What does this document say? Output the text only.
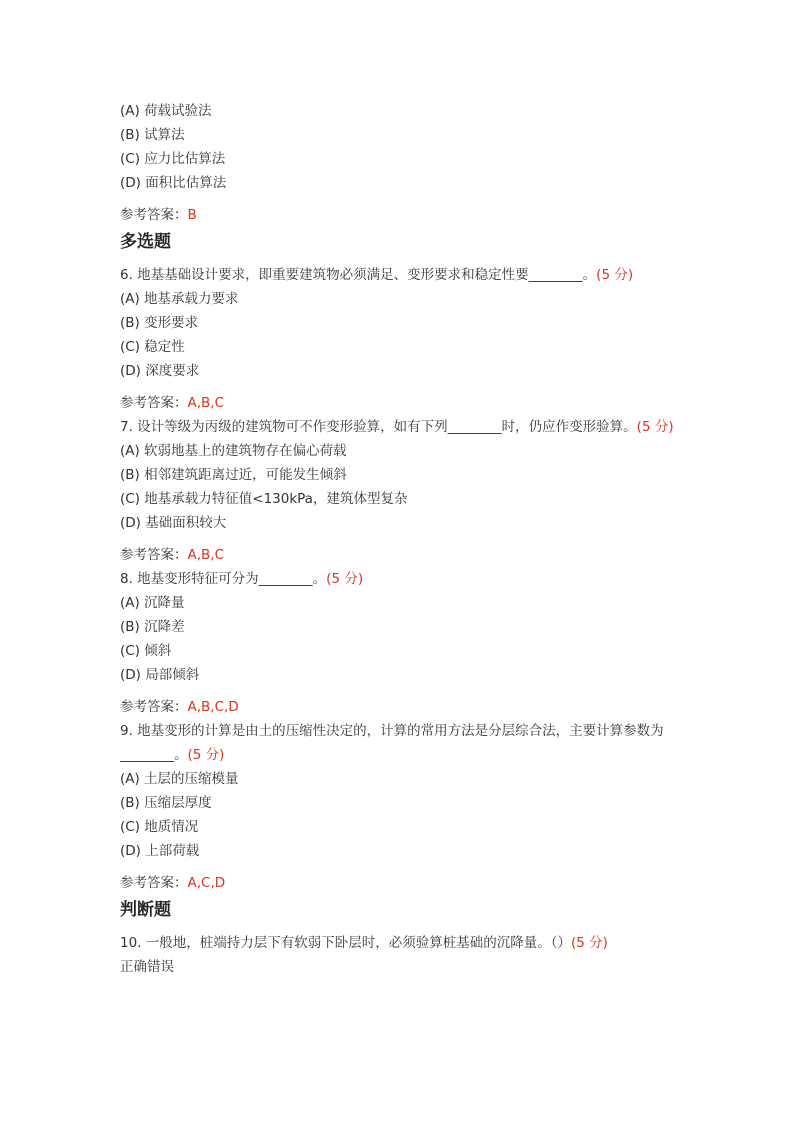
(A) 荷载试验法
(B) 试算法
(C) 应力比估算法
(D) 面积比估算法
参考答案：B
多选题
6. 地基基础设计要求，即重要建筑物必须满足、变形要求和稳定性要________。(5 分)
(A) 地基承载力要求
(B) 变形要求
(C) 稳定性
(D) 深度要求
参考答案：A,B,C
7. 设计等级为丙级的建筑物可不作变形验算，如有下列________时，仍应作变形验算。(5 分)
(A) 软弱地基上的建筑物存在偏心荷载
(B) 相邻建筑距离过近，可能发生倾斜
(C) 地基承载力特征值<130kPa，建筑体型复杂
(D) 基础面积较大
参考答案：A,B,C
8. 地基变形特征可分为________。(5 分)
(A) 沉降量
(B) 沉降差
(C) 倾斜
(D) 局部倾斜
参考答案：A,B,C,D
9. 地基变形的计算是由土的压缩性决定的，计算的常用方法是分层综合法，主要计算参数为________。(5 分)
(A) 土层的压缩模量
(B) 压缩层厚度
(C) 地质情况
(D) 上部荷载
参考答案：A,C,D
判断题
10. 一般地，桩端持力层下有软弱下卧层时，必须验算桩基础的沉降量。（）(5 分)
正确错误
